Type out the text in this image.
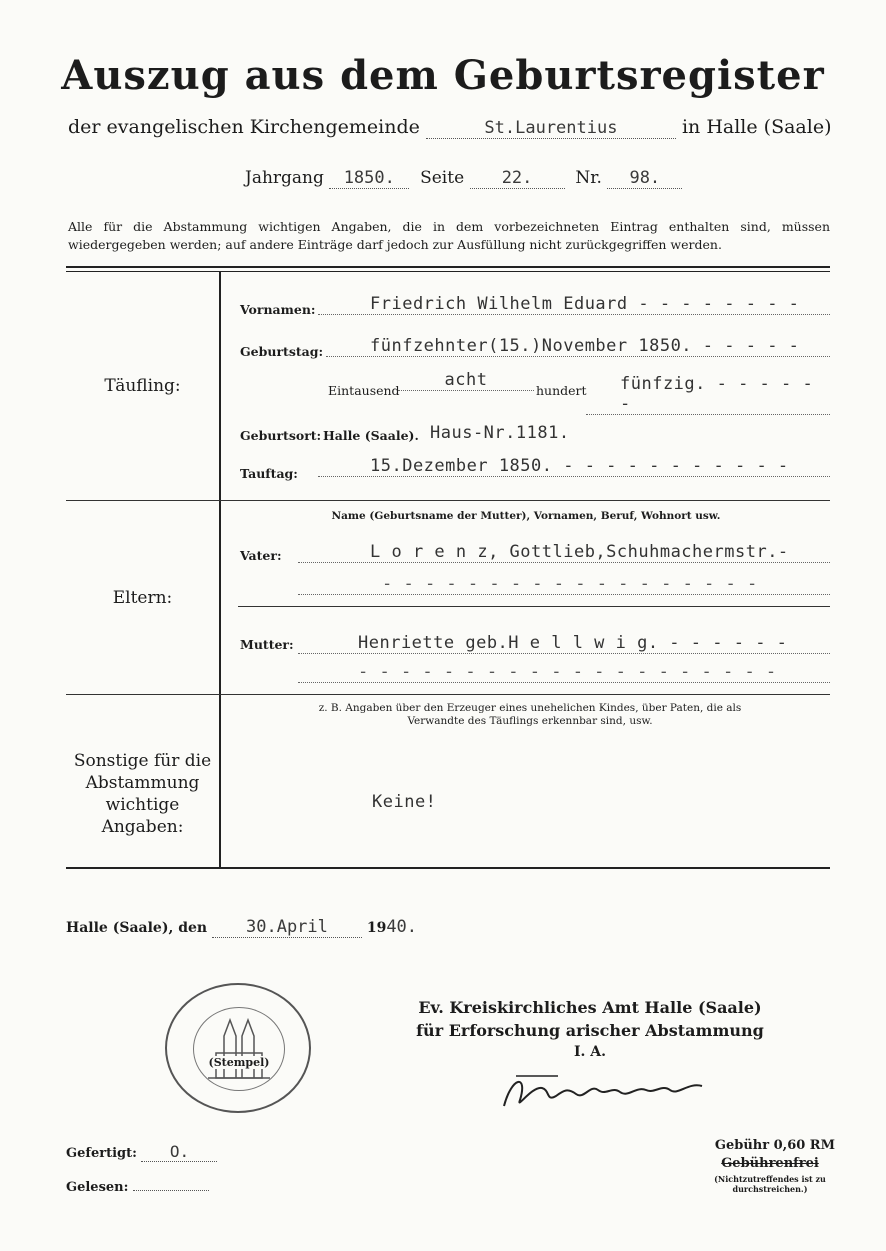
Auszug aus dem Geburtsregister
der evangelischen Kirchengemeinde	St.Laurentius	in Halle (Saale)
Jahrgang 1850. Seite 22.	Nr. 98.
Alle für die Abstammung wichtigen Angaben, die in dem vorbezeichneten Eintrag enthalten sind, müssen wiedergegeben werden; auf andere Einträge darf jedoch zur Ausfüllung nicht zurückgegriffen werden.
Täufling:
Vornamen:	Friedrich Wilhelm Eduard - - - - - - - -
Geburtstag:	fünfzehnter(15.)November 1850. - - - - -
Eintausend
acht
hundert	fünfzig. - - - - - -
Geburtsort: Halle (Saale). Haus-Nr.1181.
Tauftag:	15.Dezember 1850. - - - - - - - - - - -
Name (Geburtsname der Mutter), Vornamen, Beruf, Wohnort usw.
Eltern:
Vater:	L o r e n z, Gottlieb,Schuhmachermstr.-
- - - - - - - - - - - - - - - - - -
Mutter:	Henriette geb.H e l l w i g. - - - - - -
- - - - - - - - - - - - - - - - - - - -
Sonstige für die Abstammung wichtige Angaben:
z. B. Angaben über den Erzeuger eines unehelichen Kindes, über Paten, die als Verwandte des Täuflings erkennbar sind, usw.
Keine!
Halle (Saale), den 30.April	1940.
(Stempel)
Ev. Kreiskirchliches Amt Halle (Saale)
für Erforschung arischer Abstammung
I. A.
Gefertigt: O.
Gelesen:
Gebühr 0,60 RM
Gebührenfrei
(Nichtzutreffendes ist zu durchstreichen.)
